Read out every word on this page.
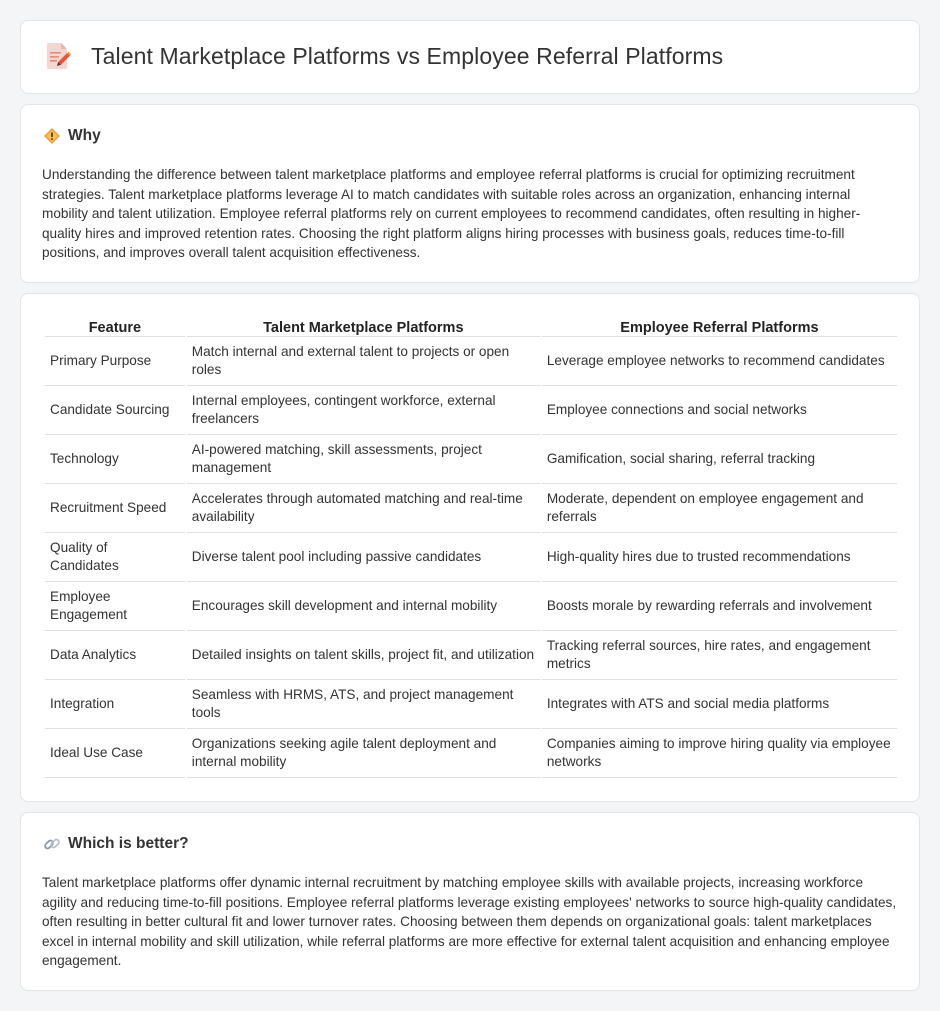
Talent Marketplace Platforms vs Employee Referral Platforms
Why

Understanding the difference between talent marketplace platforms and employee referral platforms is crucial for optimizing recruitment strategies. Talent marketplace platforms leverage AI to match candidates with suitable roles across an organization, enhancing internal mobility and talent utilization. Employee referral platforms rely on current employees to recommend candidates, often resulting in higher-quality hires and improved retention rates. Choosing the right platform aligns hiring processes with business goals, reduces time-to-fill positions, and improves overall talent acquisition effectiveness.

Feature	Talent Marketplace Platforms	Employee Referral Platforms
Primary Purpose	Match internal and external talent to projects or open roles	Leverage employee networks to recommend candidates
Candidate Sourcing	Internal employees, contingent workforce, external freelancers	Employee connections and social networks
Technology	AI-powered matching, skill assessments, project management	Gamification, social sharing, referral tracking
Recruitment Speed	Accelerates through automated matching and real-time availability	Moderate, dependent on employee engagement and referrals
Quality of Candidates	Diverse talent pool including passive candidates	High-quality hires due to trusted recommendations
Employee Engagement	Encourages skill development and internal mobility	Boosts morale by rewarding referrals and involvement
Data Analytics	Detailed insights on talent skills, project fit, and utilization	Tracking referral sources, hire rates, and engagement metrics
Integration	Seamless with HRMS, ATS, and project management tools	Integrates with ATS and social media platforms
Ideal Use Case	Organizations seeking agile talent deployment and internal mobility	Companies aiming to improve hiring quality via employee networks
Which is better?

Talent marketplace platforms offer dynamic internal recruitment by matching employee skills with available projects, increasing workforce agility and reducing time-to-fill positions. Employee referral platforms leverage existing employees' networks to source high-quality candidates, often resulting in better cultural fit and lower turnover rates. Choosing between them depends on organizational goals: talent marketplaces excel in internal mobility and skill utilization, while referral platforms are more effective for external talent acquisition and enhancing employee engagement.
